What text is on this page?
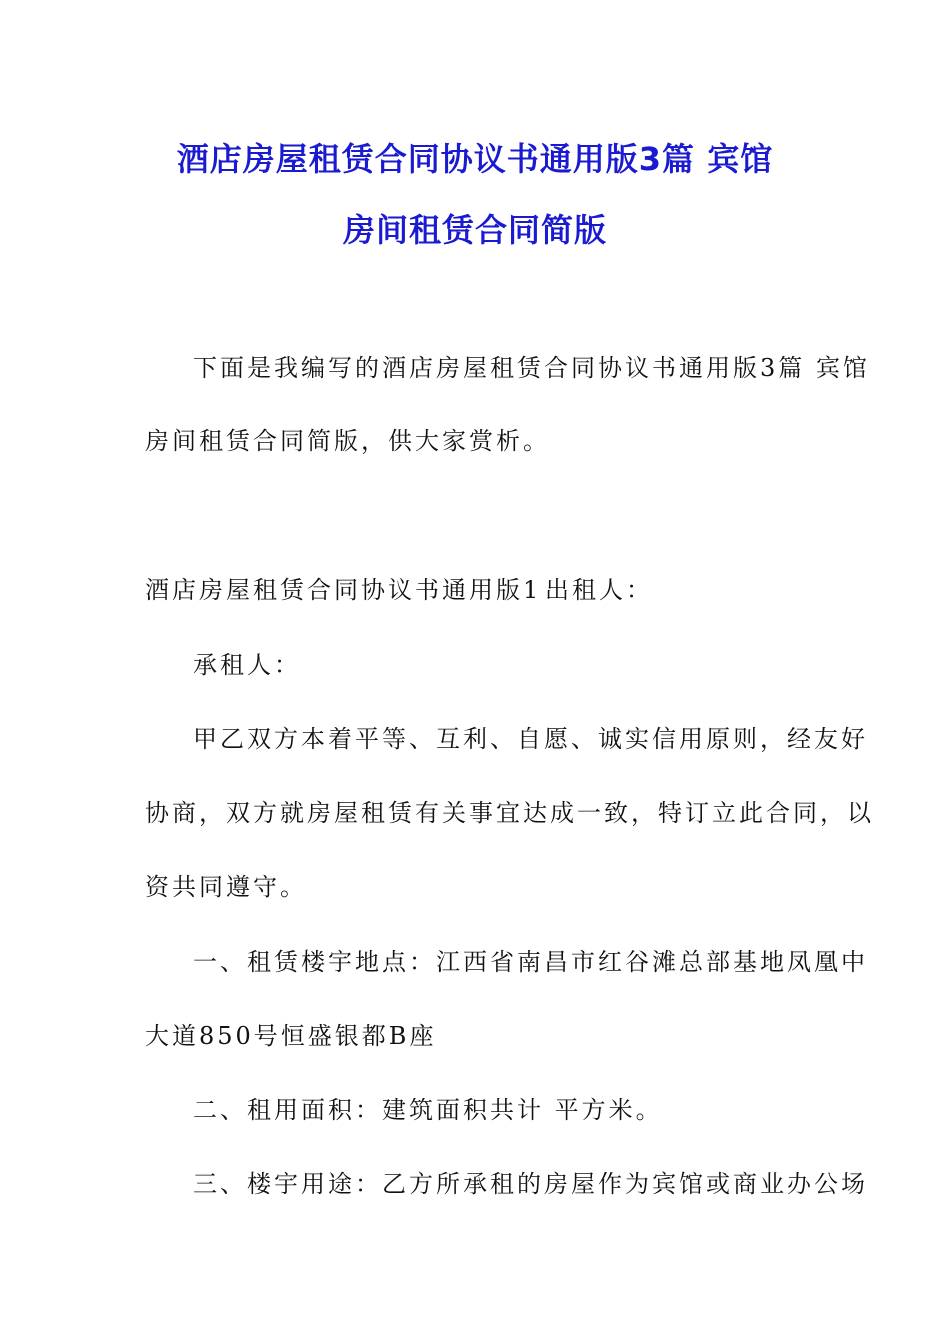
酒店房屋租赁合同协议书通用版3篇 宾馆
房间租赁合同简版
下面是我编写的酒店房屋租赁合同协议书通用版3篇 宾馆
房间租赁合同简版，供大家赏析。
酒店房屋租赁合同协议书通用版1 出租人：
承租人：
甲乙双方本着平等、互利、自愿、诚实信用原则，经友好
协商，双方就房屋租赁有关事宜达成一致，特订立此合同，以
资共同遵守。
一、租赁楼宇地点：江西省南昌市红谷滩总部基地凤凰中
大道850号恒盛银都B座
二、租用面积：建筑面积共计 平方米。
三、楼宇用途：乙方所承租的房屋作为宾馆或商业办公场
